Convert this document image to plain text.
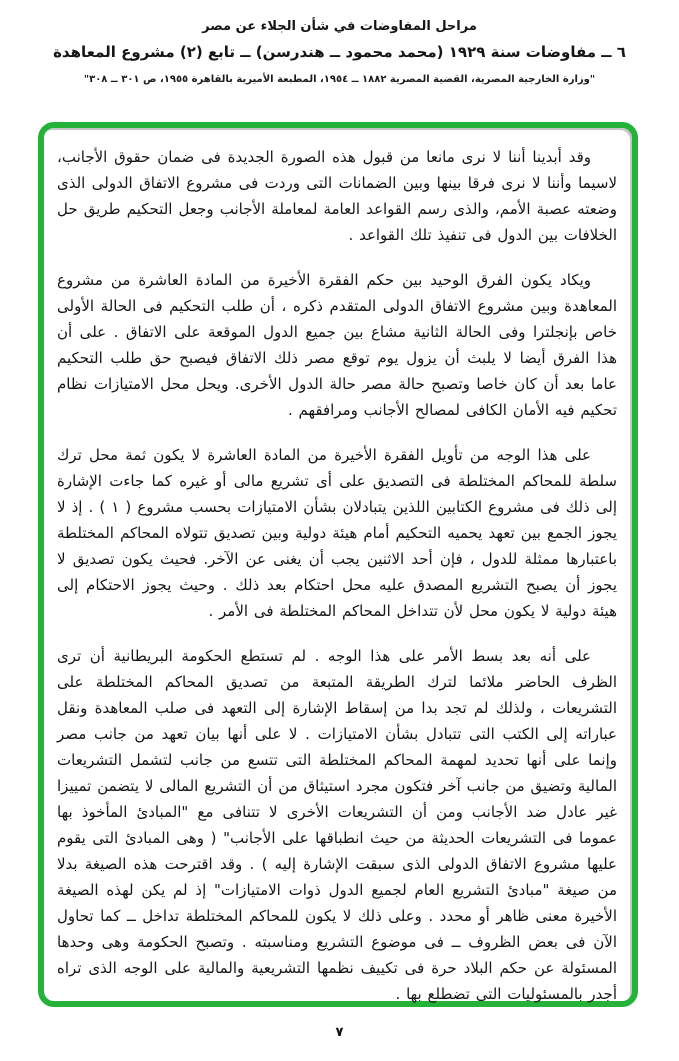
مراحل المفاوضات في شأن الجلاء عن مصر
٦ ــ مفاوضات سنة ١٩٢٩ (محمد محمود ــ هندرسن) ــ تابع (٢) مشروع المعاهدة
"وزارة الخارجية المصرية، القضية المصرية ١٨٨٢ ــ ١٩٥٤، المطبعة الأميرية بالقاهرة ١٩٥٥، ص ٣٠١ ــ ٣٠٨"

وقد أبدينا أننا لا نرى مانعا من قبول هذه الصورة الجديدة فى ضمان حقوق الأجانب، لاسيما وأننا لا نرى فرقا بينها وبين الضمانات التى وردت فى مشروع الاتفاق الدولى الذى وضعته عصبة الأمم، والذى رسم القواعد العامة لمعاملة الأجانب وجعل التحكيم طريق حل الخلافات بين الدول فى تنفيذ تلك القواعد .

ويكاد يكون الفرق الوحيد بين حكم الفقرة الأخيرة من المادة العاشرة من مشروع المعاهدة وبين مشروع الاتفاق الدولى المتقدم ذكره ، أن طلب التحكيم فى الحالة الأولى خاص بإنجلترا وفى الحالة الثانية مشاع بين جميع الدول الموقعة على الاتفاق . على أن هذا الفرق أيضا لا يلبث أن يزول يوم توقع مصر ذلك الاتفاق فيصبح حق طلب التحكيم عاما بعد أن كان خاصا وتصبح حالة مصر حالة الدول الأخرى. ويحل محل الامتيازات نظام تحكيم فيه الأمان الكافى لمصالح الأجانب ومرافقهم .

على هذا الوجه من تأويل الفقرة الأخيرة من المادة العاشرة لا يكون ثمة محل ترك سلطة للمحاكم المختلطة فى التصديق على أى تشريع مالى أو غيره كما جاءت الإشارة إلى ذلك فى مشروع الكتابين اللذين يتبادلان بشأن الامتيازات بحسب مشروع ( ١ ) . إذ لا يجوز الجمع بين تعهد يحميه التحكيم أمام هيئة دولية وبين تصديق تتولاه المحاكم المختلطة باعتبارها ممثلة للدول ، فإن أحد الاثنين يجب أن يغنى عن الآخر. فحيث يكون تصديق لا يجوز أن يصبح التشريع المصدق عليه محل احتكام بعد ذلك . وحيث يجوز الاحتكام إلى هيئة دولية لا يكون محل لأن تتداخل المحاكم المختلطة فى الأمر .

على أنه بعد بسط الأمر على هذا الوجه . لم تستطع الحكومة البريطانية أن ترى الظرف الحاضر ملائما لترك الطريقة المتبعة من تصديق المحاكم المختلطة على التشريعات ، ولذلك لم تجد بدا من إسقاط الإشارة إلى التعهد فى صلب المعاهدة ونقل عباراته إلى الكتب التى تتبادل بشأن الامتيازات . لا على أنها بيان تعهد من جانب مصر وإنما على أنها تحديد لمهمة المحاكم المختلطة التى تتسع من جانب لتشمل التشريعات المالية وتضيق من جانب آخر فتكون مجرد استيثاق من أن التشريع المالى لا يتضمن تمييزا غير عادل ضد الأجانب ومن أن التشريعات الأخرى لا تتنافى مع "المبادئ المأخوذ بها عموما فى التشريعات الحديثة من حيث انطباقها على الأجانب" ( وهى المبادئ التى يقوم عليها مشروع الاتفاق الدولى الذى سبقت الإشارة إليه ) . وقد اقترحت هذه الصيغة بدلا من صيغة "مبادئ التشريع العام لجميع الدول ذوات الامتيازات" إذ لم يكن لهذه الصيغة الأخيرة معنى ظاهر أو محدد . وعلى ذلك لا يكون للمحاكم المختلطة تداخل ــ كما تحاول الآن فى بعض الظروف ــ فى موضوع التشريع ومناسبته . وتصبح الحكومة وهى وحدها المسئولة عن حكم البلاد حرة فى تكييف نظمها التشريعية والمالية على الوجه الذى تراه أجدر بالمسئوليات التى تضطلع بها .

٧
